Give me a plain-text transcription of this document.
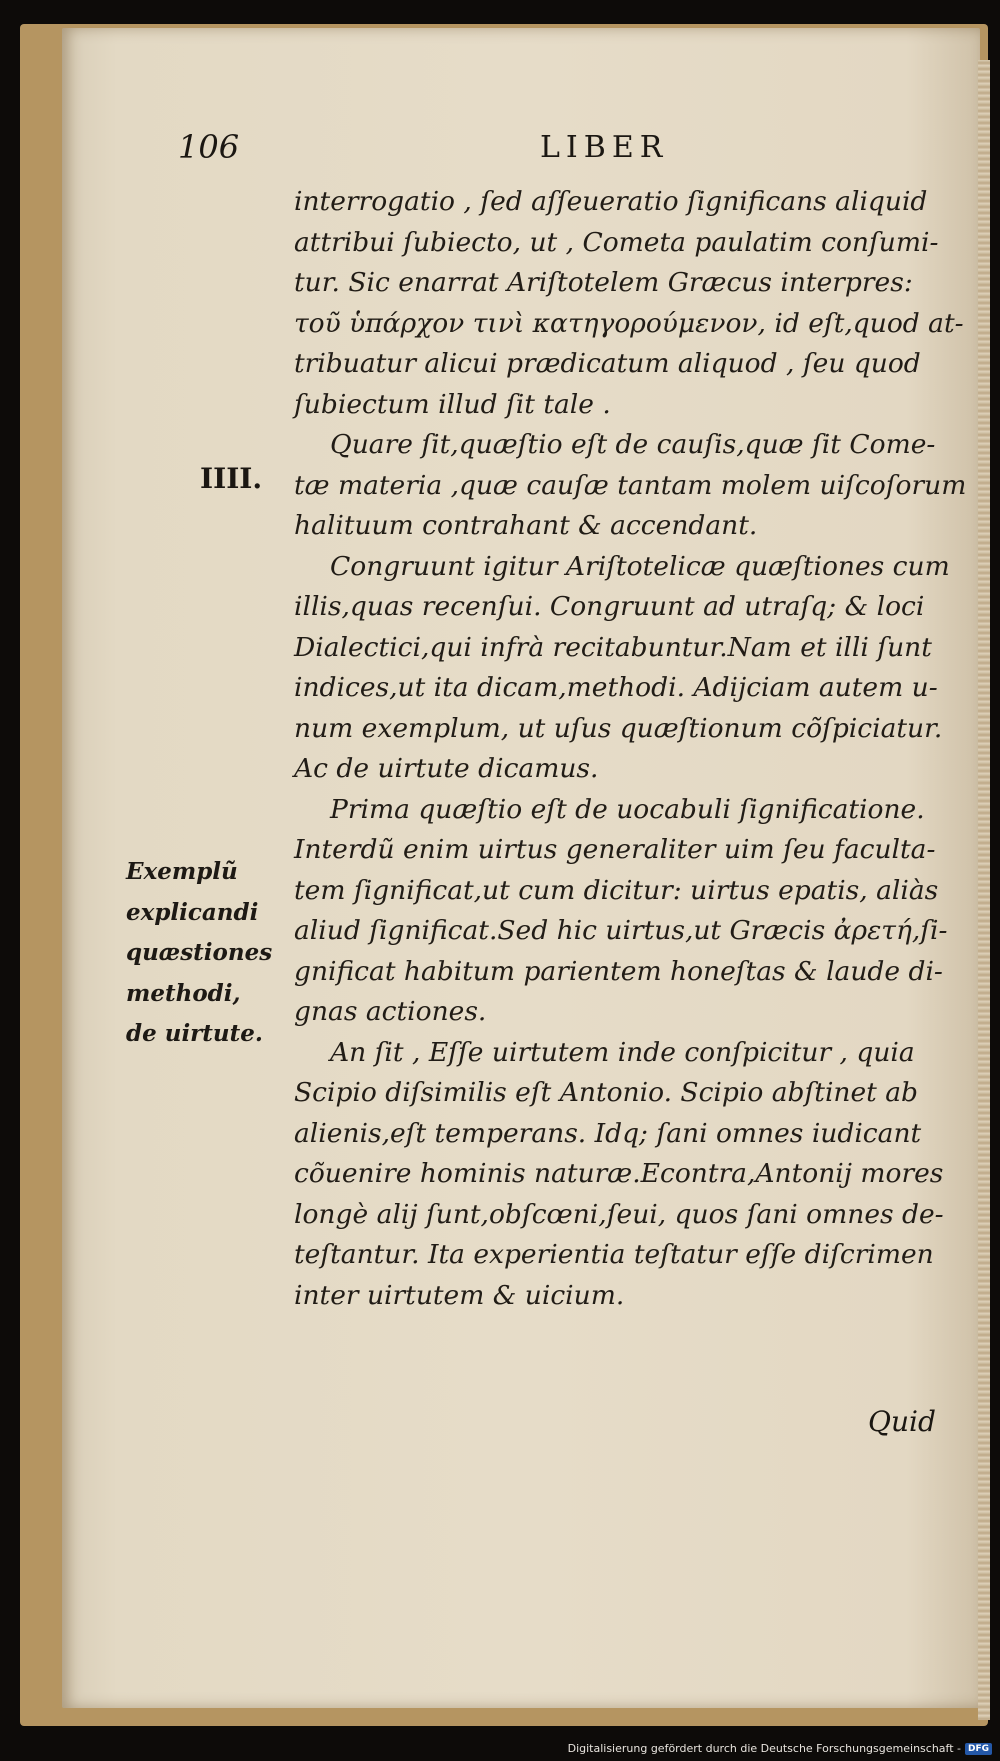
106	LIBER
IIII.
Exemplũ
explicandi
quæstiones
methodi,
de uirtute.

interrogatio , ſed aſſeueratio ſignificans aliquid
attribui ſubiecto, ut , Cometa paulatim conſumi-
tur. Sic enarrat Ariſtotelem Græcus interpres:
τοῦ ὑπάρχον τινὶ κατηγορούμενον, id eſt,quod at-
tribuatur alicui prædicatum aliquod , ſeu quod
ſubiectum illud ſit tale .

Quare ſit,quæſtio eſt de cauſis,quæ ſit Come-
tæ materia ,quæ cauſæ tantam molem uiſcoſorum
halituum contrahant & accendant.

Congruunt igitur Ariſtotelicæ quæſtiones cum
illis,quas recenſui. Congruunt ad utraſq; & loci
Dialectici,qui infrà recitabuntur.Nam et illi ſunt
indices,ut ita dicam,methodi. Adijciam autem u-
num exemplum, ut uſus quæſtionum cõſpiciatur.
Ac de uirtute dicamus.

Prima quæſtio eſt de uocabuli ſignificatione.
Interdũ enim uirtus generaliter uim ſeu faculta-
tem ſignificat,ut cum dicitur: uirtus epatis, aliàs
aliud ſignificat.Sed hic uirtus,ut Græcis ἀρετή,ſi-
gnificat habitum parientem honeſtas & laude di-
gnas actiones.

An ſit , Eſſe uirtutem inde conſpicitur , quia
Scipio diſsimilis eſt Antonio. Scipio abſtinet ab
alienis,eſt temperans. Idq; ſani omnes iudicant
cõuenire hominis naturæ.Econtra,Antonij mores
longè alij ſunt,obſcœni,ſeui, quos ſani omnes de-
teſtantur. Ita experientia teſtatur eſſe diſcrimen
inter uirtutem & uicium.

Quid
Digitalisierung gefördert durch die Deutsche Forschungsgemeinschaft - DFG
